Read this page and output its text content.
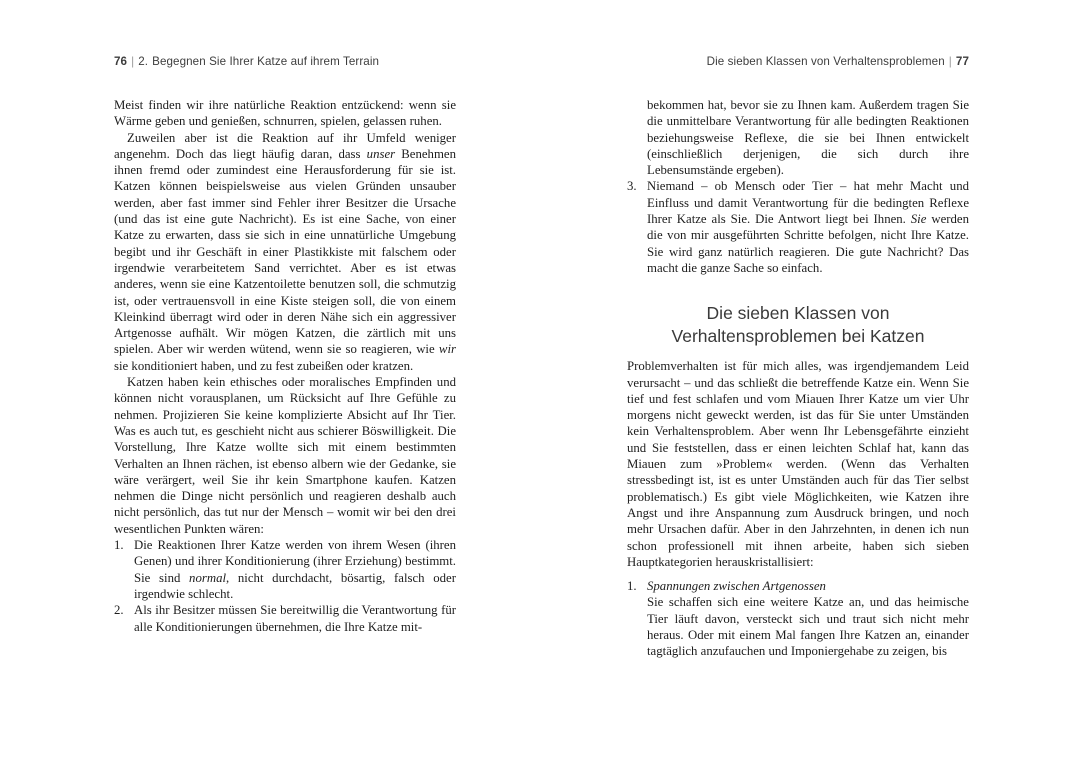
76 | 2. Begegnen Sie Ihrer Katze auf ihrem Terrain

Meist finden wir ihre natürliche Reaktion entzückend: wenn sie Wärme geben und genießen, schnurren, spielen, gelassen ruhen.

Zuweilen aber ist die Reaktion auf ihr Umfeld weniger angenehm. Doch das liegt häufig daran, dass unser Benehmen ihnen fremd oder zumindest eine Herausforderung für sie ist. Katzen können beispielsweise aus vielen Gründen unsauber werden, aber fast immer sind Fehler ihrer Besitzer die Ursache (und das ist eine gute Nachricht). Es ist eine Sache, von einer Katze zu erwarten, dass sie sich in eine unnatürliche Umgebung begibt und ihr Geschäft in einer Plastikkiste mit falschem oder irgendwie verarbeitetem Sand verrichtet. Aber es ist etwas anderes, wenn sie eine Katzentoilette benutzen soll, die schmutzig ist, oder vertrauensvoll in eine Kiste steigen soll, die von einem Kleinkind überragt wird oder in deren Nähe sich ein aggressiver Artgenosse aufhält. Wir mögen Katzen, die zärtlich mit uns spielen. Aber wir werden wütend, wenn sie so reagieren, wie wir sie konditioniert haben, und zu fest zubeißen oder kratzen.

Katzen haben kein ethisches oder moralisches Empfinden und können nicht vorausplanen, um Rücksicht auf Ihre Gefühle zu nehmen. Projizieren Sie keine komplizierte Absicht auf Ihr Tier. Was es auch tut, es geschieht nicht aus schierer Böswilligkeit. Die Vorstellung, Ihre Katze wollte sich mit einem bestimmten Verhalten an Ihnen rächen, ist ebenso albern wie der Gedanke, sie wäre verärgert, weil Sie ihr kein Smartphone kaufen. Katzen nehmen die Dinge nicht persönlich und reagieren deshalb auch nicht persönlich, das tut nur der Mensch – womit wir bei den drei wesentlichen Punkten wären:

1. Die Reaktionen Ihrer Katze werden von ihrem Wesen (ihren Genen) und ihrer Konditionierung (ihrer Erziehung) bestimmt. Sie sind normal, nicht durchdacht, bösartig, falsch oder irgendwie schlecht.
2. Als ihr Besitzer müssen Sie bereitwillig die Verantwortung für alle Konditionierungen übernehmen, die Ihre Katze mit-
Die sieben Klassen von Verhaltensproblemen | 77
bekommen hat, bevor sie zu Ihnen kam. Außerdem tragen Sie die unmittelbare Verantwortung für alle bedingten Reaktionen beziehungsweise Reflexe, die sie bei Ihnen entwickelt (einschließlich derjenigen, die sich durch ihre Lebensumstände ergeben).
3. Niemand – ob Mensch oder Tier – hat mehr Macht und Einfluss und damit Verantwortung für die bedingten Reflexe Ihrer Katze als Sie. Die Antwort liegt bei Ihnen. Sie werden die von mir ausgeführten Schritte befolgen, nicht Ihre Katze. Sie wird ganz natürlich reagieren. Die gute Nachricht? Das macht die ganze Sache so einfach.
Die sieben Klassen von
Verhaltensproblemen bei Katzen

Problemverhalten ist für mich alles, was irgendjemandem Leid verursacht – und das schließt die betreffende Katze ein. Wenn Sie tief und fest schlafen und vom Miauen Ihrer Katze um vier Uhr morgens nicht geweckt werden, ist das für Sie unter Umständen kein Verhaltensproblem. Aber wenn Ihr Lebensgefährte einzieht und Sie feststellen, dass er einen leichten Schlaf hat, kann das Miauen zum »Problem« werden. (Wenn das Verhalten stressbedingt ist, ist es unter Umständen auch für das Tier selbst problematisch.) Es gibt viele Möglichkeiten, wie Katzen ihre Angst und ihre Anspannung zum Ausdruck bringen, und noch mehr Ursachen dafür. Aber in den Jahrzehnten, in denen ich nun schon professionell mit ihnen arbeite, haben sich sieben Hauptkategorien herauskristallisiert:

1. Spannungen zwischen Artgenossen
Sie schaffen sich eine weitere Katze an, und das heimische Tier läuft davon, versteckt sich und traut sich nicht mehr heraus. Oder mit einem Mal fangen Ihre Katzen an, einander tagtäglich anzufauchen und Imponiergehabe zu zeigen, bis
